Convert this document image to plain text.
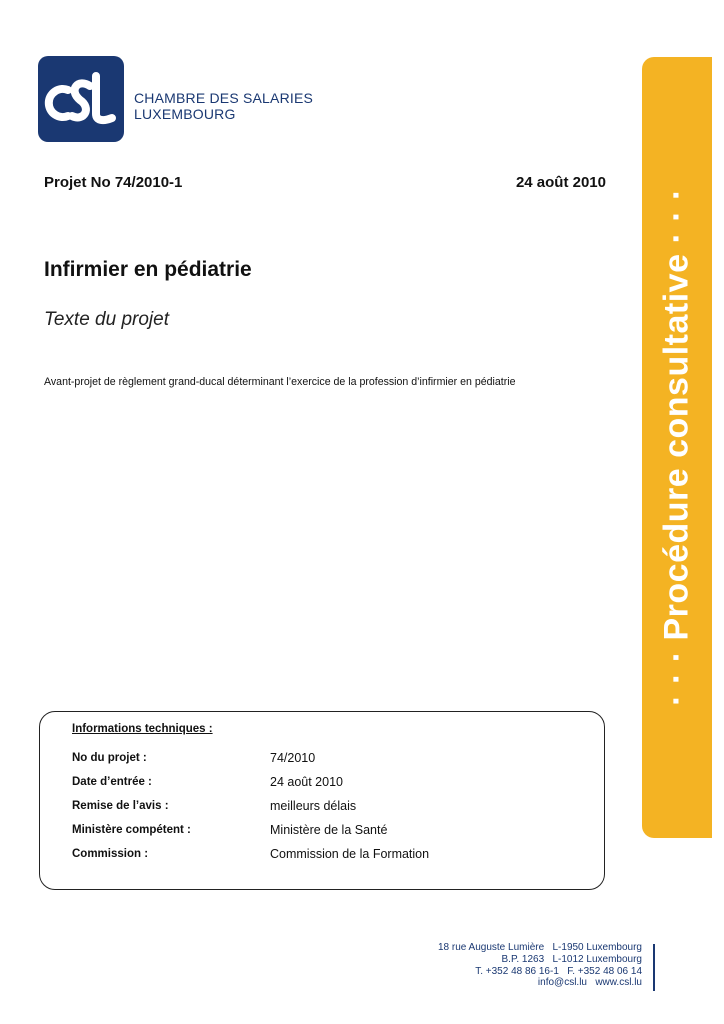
CHAMBRE DES SALARIES
LUXEMBOURG
Projet No 74/2010-1	24 août 2010
Infirmier en pédiatrie
Texte du projet
Avant-projet de règlement grand-ducal déterminant l’exercice de la profession d’infirmier en pédiatrie	· · · Procédure consultative · · ·
Informations techniques :
No du projet :	74/2010
Date d’entrée :	24 août 2010
Remise de l’avis :	meilleurs délais
Ministère compétent :	Ministère de la Santé
Commission :	Commission de la Formation
18 rue Auguste Lumière   L-1950 Luxembourg
B.P. 1263   L-1012 Luxembourg
T. +352 48 86 16-1   F. +352 48 06 14
info@csl.lu   www.csl.lu
